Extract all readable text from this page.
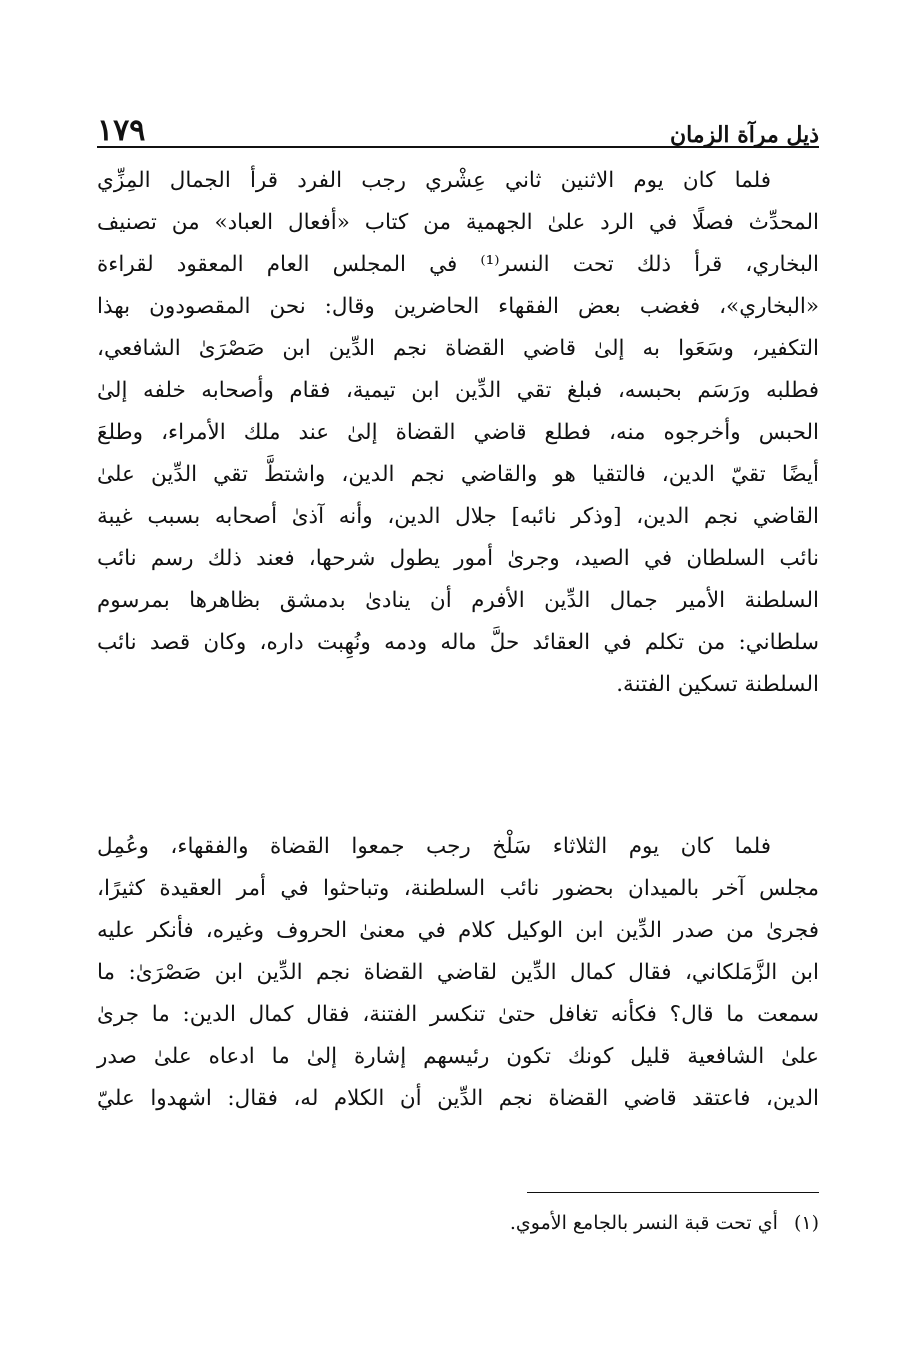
ذيل مرآة الزمان
١٧٩
فلما كان يوم الاثنين ثاني عِشْري رجب الفرد قرأ الجمال المِزِّي
المحدِّث فصلًا في الرد علىٰ الجهمية من كتاب «أفعال العباد» من تصنيف
البخاري، قرأ ذلك تحت النسر⁽¹⁾ في المجلس العام المعقود لقراءة
«البخاري»، فغضب بعض الفقهاء الحاضرين وقال: نحن المقصودون بهذا
التكفير، وسَعَوا به إلىٰ قاضي القضاة نجم الدِّين ابن صَصْرَىٰ الشافعي،
فطلبه ورَسَم بحبسه، فبلغ تقي الدِّين ابن تيمية، فقام وأصحابه خلفه إلىٰ
الحبس وأخرجوه منه، فطلع قاضي القضاة إلىٰ عند ملك الأمراء، وطلعَ
أيضًا تقيّ الدين، فالتقيا هو والقاضي نجم الدين، واشتطَّ تقي الدِّين علىٰ
القاضي نجم الدين، [وذكر نائبه] جلال الدين، وأنه آذىٰ أصحابه بسبب غيبة
نائب السلطان في الصيد، وجرىٰ أمور يطول شرحها، فعند ذلك رسم نائب
السلطنة الأمير جمال الدِّين الأفرم أن ينادىٰ بدمشق بظاهرها بمرسوم
سلطاني: من تكلم في العقائد حلَّ ماله ودمه ونُهِبت داره، وكان قصد نائب
السلطنة تسكين الفتنة.
فلما كان يوم الثلاثاء سَلْخ رجب جمعوا القضاة والفقهاء، وعُمِل
مجلس آخر بالميدان بحضور نائب السلطنة، وتباحثوا في أمر العقيدة كثيرًا،
فجرىٰ من صدر الدِّين ابن الوكيل كلام في معنىٰ الحروف وغيره، فأنكر عليه
ابن الزَّمَلكاني، فقال كمال الدِّين لقاضي القضاة نجم الدِّين ابن صَصْرَىٰ: ما
سمعت ما قال؟ فكأنه تغافل حتىٰ تنكسر الفتنة، فقال كمال الدين: ما جرىٰ
علىٰ الشافعية قليل كونك تكون رئيسهم إشارة إلىٰ ما ادعاه علىٰ صدر
الدين، فاعتقد قاضي القضاة نجم الدِّين أن الكلام له، فقال: اشهدوا عليّ
(١) أي تحت قبة النسر بالجامع الأموي.
